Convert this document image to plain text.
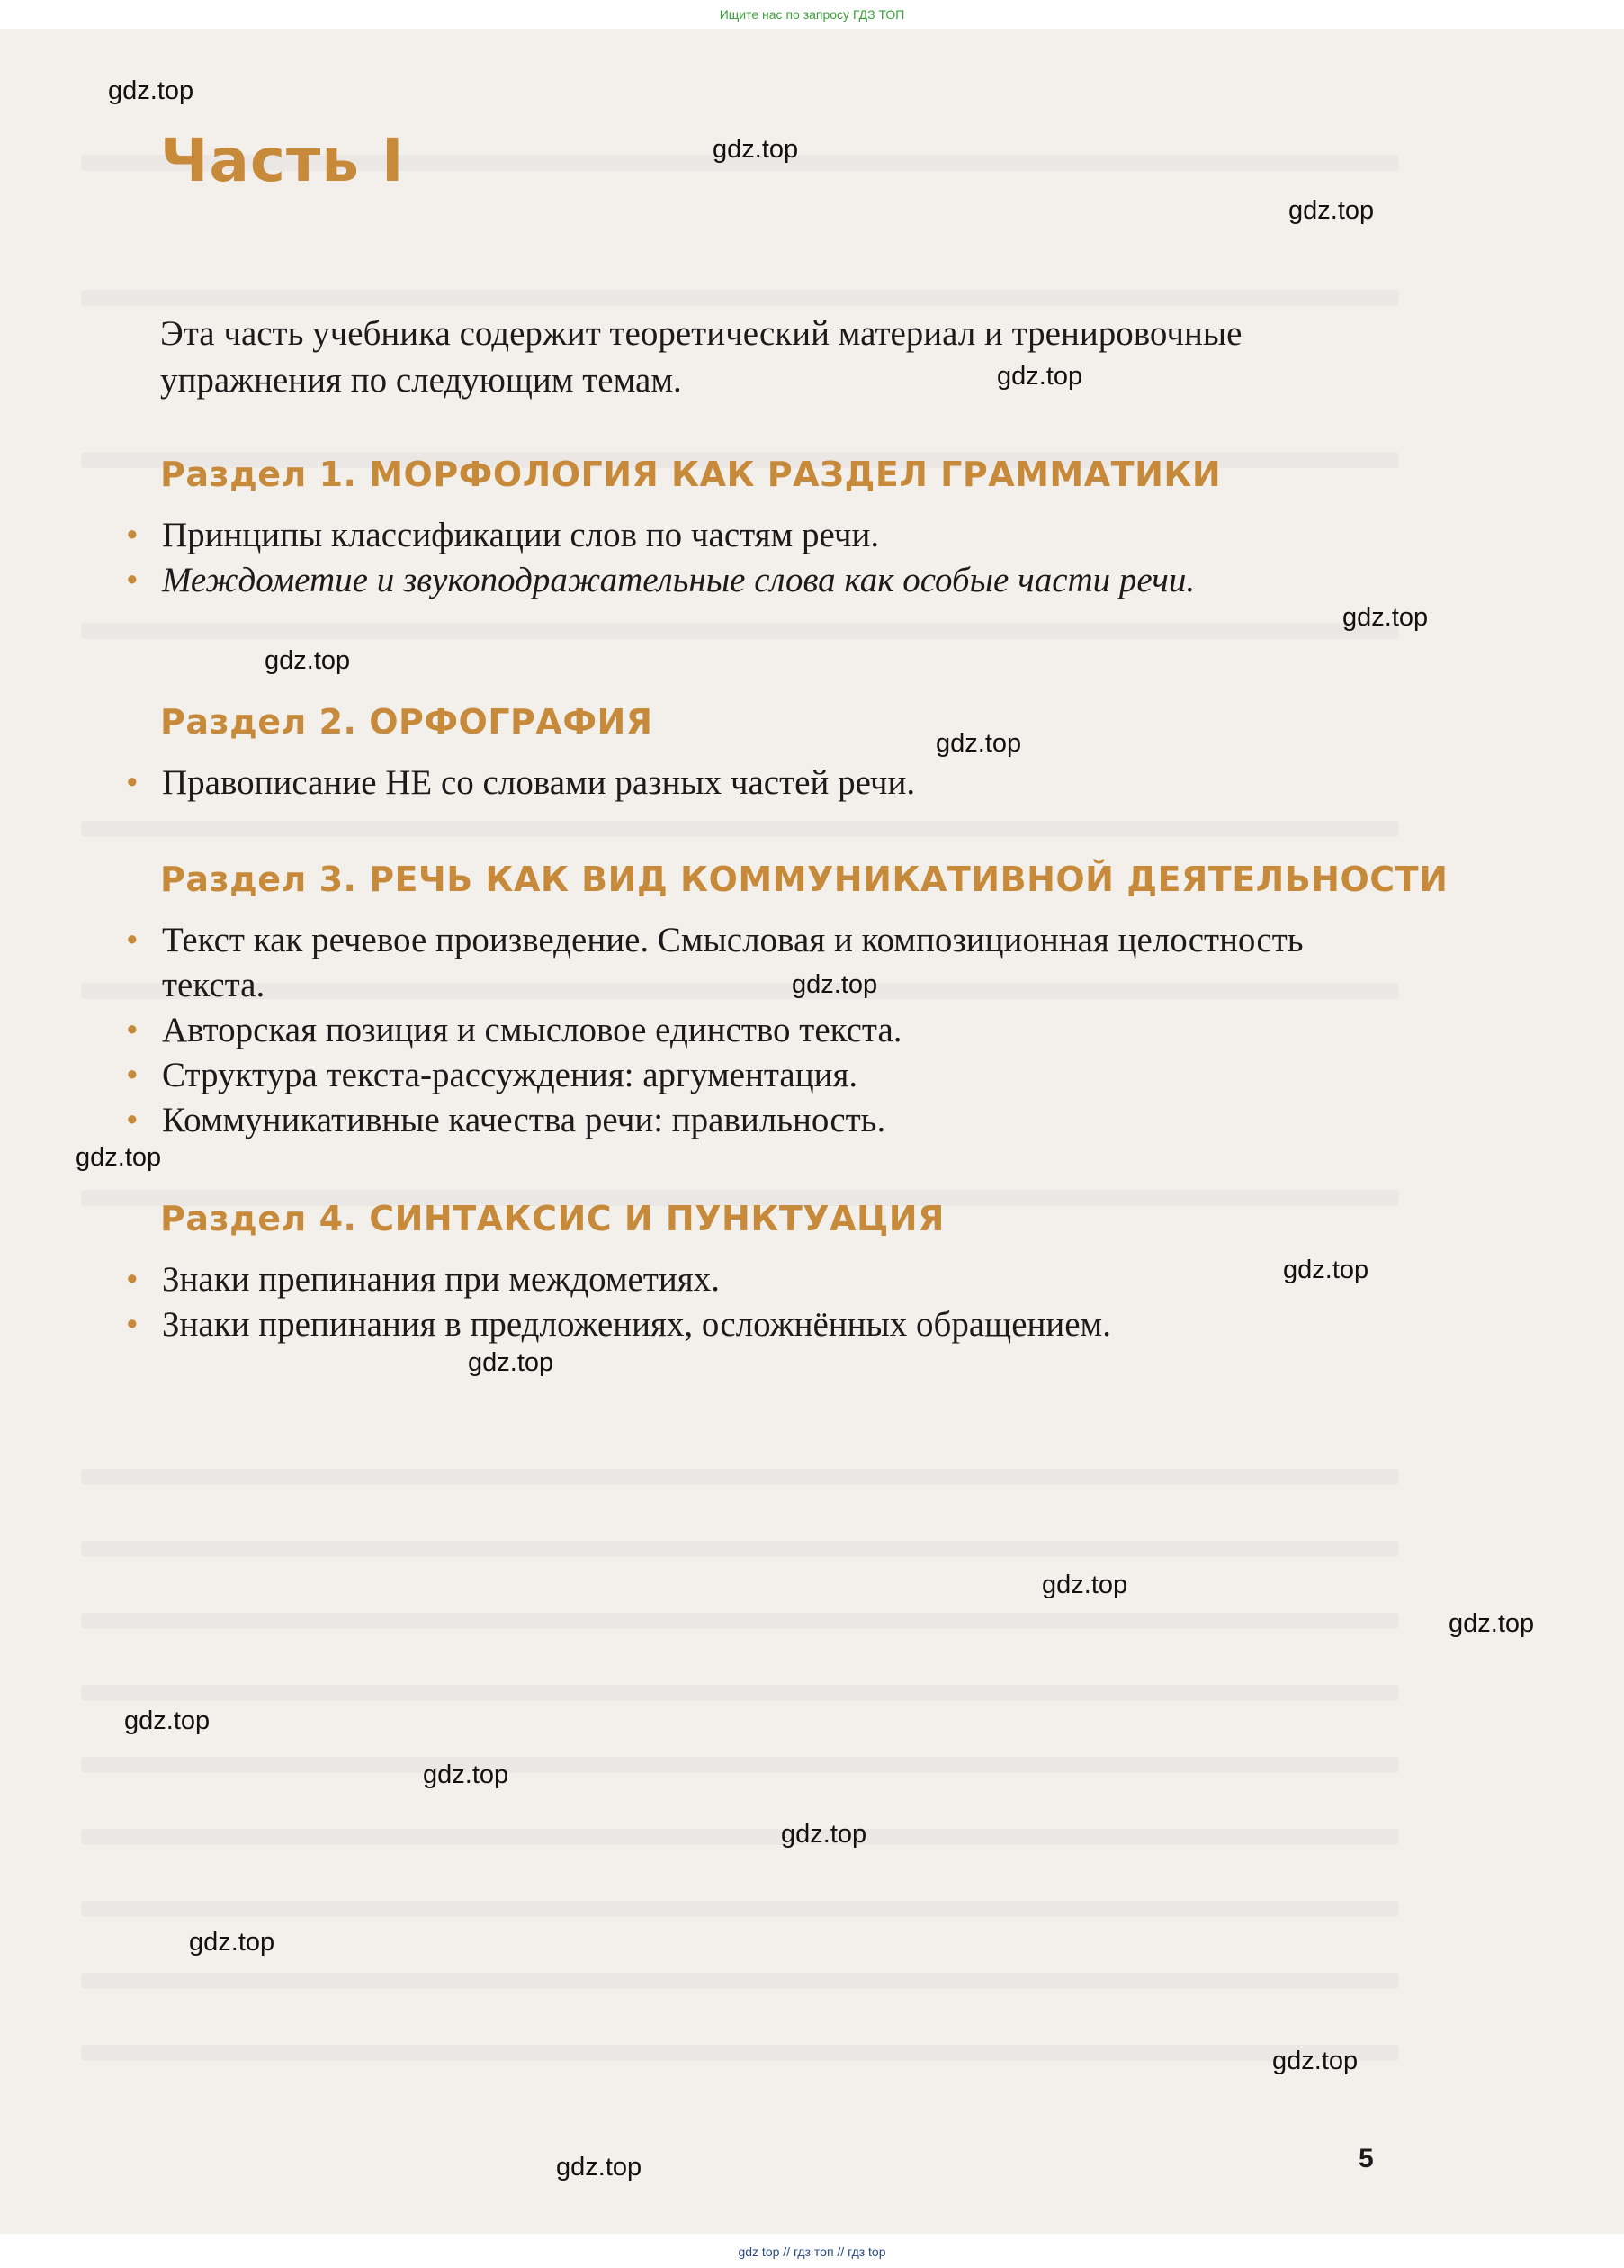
Ищите нас по запросу ГДЗ ТОП
Часть I
Эта часть учебника содержит теоретический материал и тренировочные упражнения по следующим темам.
Раздел 1. МОРФОЛОГИЯ КАК РАЗДЕЛ ГРАММАТИКИ
• Принципы классификации слов по частям речи.
• Междометие и звукоподражательные слова как особые части речи.
Раздел 2. ОРФОГРАФИЯ
• Правописание НЕ со словами разных частей речи.
Раздел 3. РЕЧЬ КАК ВИД КОММУНИКАТИВНОЙ ДЕЯТЕЛЬНОСТИ
• Текст как речевое произведение. Смысловая и композиционная целостность текста.
• Авторская позиция и смысловое единство текста.
• Структура текста-рассуждения: аргументация.
• Коммуникативные качества речи: правильность.
Раздел 4. СИНТАКСИС И ПУНКТУАЦИЯ
• Знаки препинания при междометиях.
• Знаки препинания в предложениях, осложнённых обращением.
gdz.top
gdz.top
gdz.top
gdz.top
gdz.top
gdz.top
gdz.top
gdz.top
gdz.top
gdz.top
gdz.top
gdz.top
gdz.top
gdz.top
gdz.top
gdz.top
gdz.top
gdz.top
gdz.top	5
gdz top // гдз топ // гдз top
